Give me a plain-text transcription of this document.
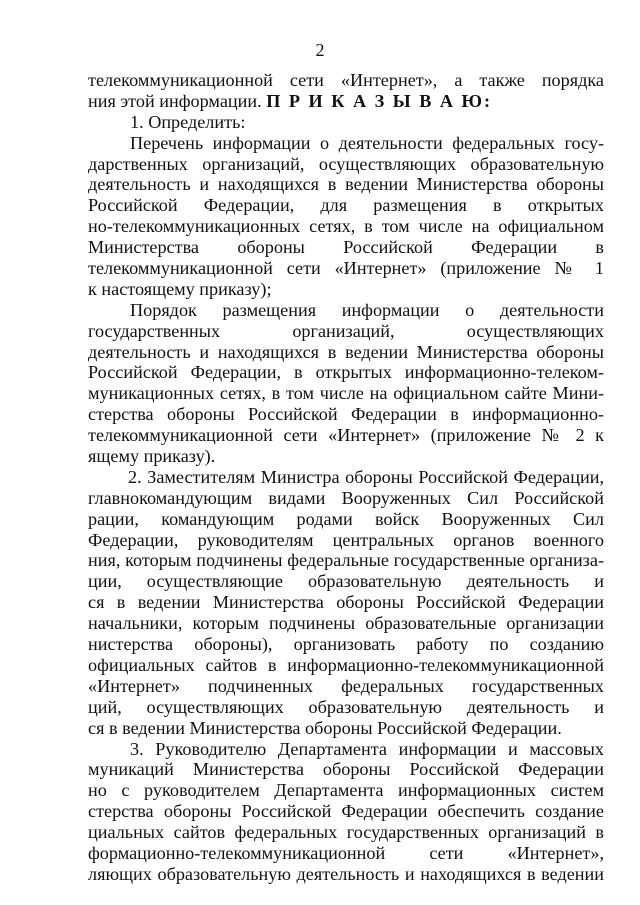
2
телекоммуникационной сети «Интернет», а также порядка
ния этой информации. П Р И К А З Ы В А Ю:
1. Определить:
Перечень информации о деятельности федеральных госу-
дарственных организаций, осуществляющих образовательную
деятельность и находящихся в ведении Министерства обороны
Российской Федерации, для размещения в открытых
но-телекоммуникационных сетях, в том числе на официальном
Министерства обороны Российской Федерации в
телекоммуникационной сети «Интернет» (приложение № 1
к настоящему приказу);
Порядок размещения информации о деятельности
государственных организаций, осуществляющих
деятельность и находящихся в ведении Министерства обороны
Российской Федерации, в открытых информационно-телеком-
муникационных сетях, в том числе на официальном сайте Мини-
стерства обороны Российской Федерации в информационно-
телекоммуникационной сети «Интернет» (приложение № 2 к
ящему приказу).
2. Заместителям Министра обороны Российской Федерации,
главнокомандующим видами Вооруженных Сил Российской
рации, командующим родами войск Вооруженных Сил
Федерации, руководителям центральных органов военного
ния, которым подчинены федеральные государственные организа-
ции, осуществляющие образовательную деятельность и
ся в ведении Министерства обороны Российской Федерации
начальники, которым подчинены образовательные организации
нистерства обороны), организовать работу по созданию
официальных сайтов в информационно-телекоммуникационной
«Интернет» подчиненных федеральных государственных
ций, осуществляющих образовательную деятельность и
ся в ведении Министерства обороны Российской Федерации.
3. Руководителю Департамента информации и массовых
муникаций Министерства обороны Российской Федерации
но с руководителем Департамента информационных систем
стерства обороны Российской Федерации обеспечить создание
циальных сайтов федеральных государственных организаций в
формационно-телекоммуникационной сети «Интернет»,
ляющих образовательную деятельность и находящихся в ведении
